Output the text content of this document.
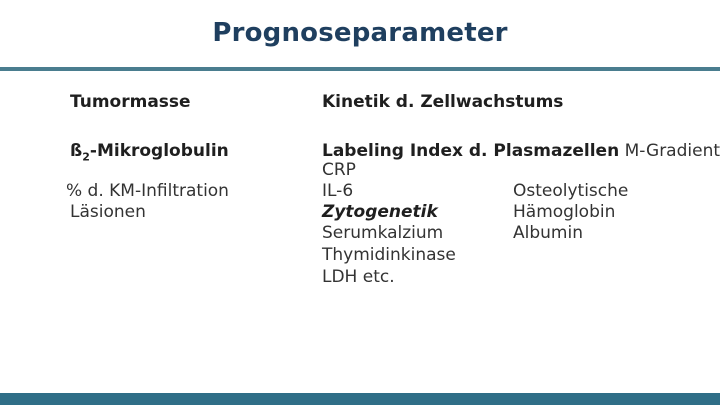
Prognoseparameter
Tumormasse
$ß_2$-Mikroglobulin
% d. KM-Infiltration
Läsionen
Kinetik d. Zellwachstums
Labeling Index d. Plasmazellen M-Gradient
CRP
IL-6	Osteolytische
Zytogenetik	Hämoglobin
Serumkalzium	Albumin
Thymidinkinase
LDH etc.
